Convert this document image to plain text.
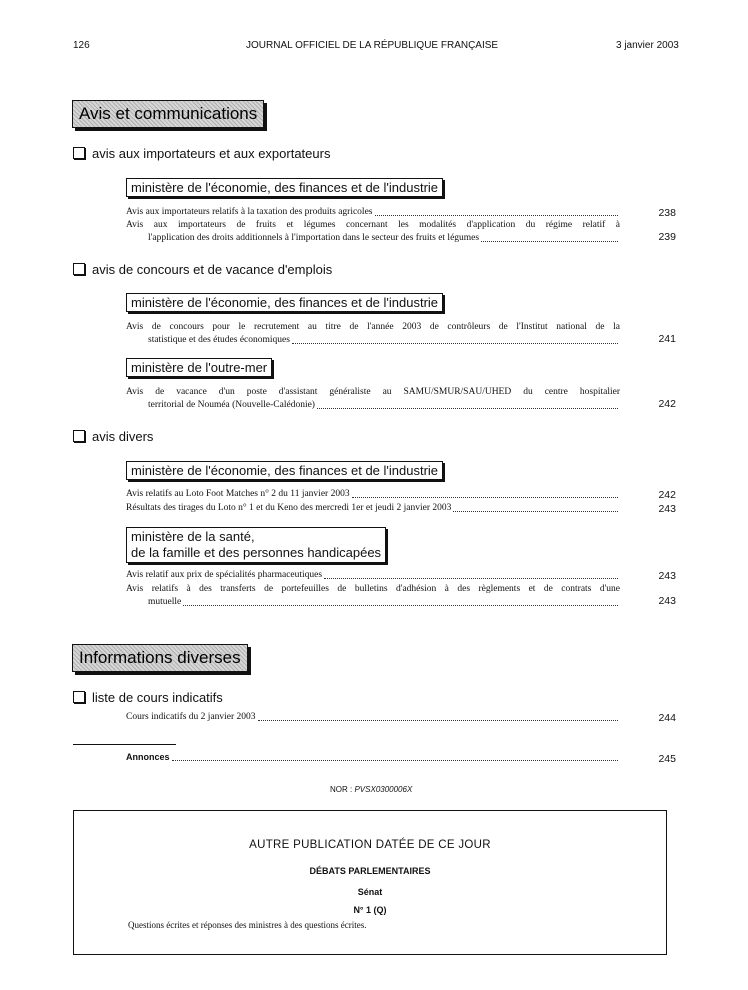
126	JOURNAL OFFICIEL DE LA RÉPUBLIQUE FRANÇAISE	3 janvier 2003
Avis et communications
avis aux importateurs et aux exportateurs
ministère de l'économie, des finances et de l'industrie
Avis aux importateurs relatifs à la taxation des produits agricoles	238
Avis aux importateurs de fruits et légumes concernant les modalités d'application du régime relatif à
l'application des droits additionnels à l'importation dans le secteur des fruits et légumes	239
avis de concours et de vacance d'emplois
ministère de l'économie, des finances et de l'industrie
Avis de concours pour le recrutement au titre de l'année 2003 de contrôleurs de l'Institut national de la
statistique et des études économiques	241
ministère de l'outre-mer
Avis de vacance d'un poste d'assistant généraliste au SAMU/SMUR/SAU/UHED du centre hospitalier
territorial de Nouméa (Nouvelle-Calédonie)	242
avis divers
ministère de l'économie, des finances et de l'industrie
Avis relatifs au Loto Foot Matches n° 2 du 11 janvier 2003	242
Résultats des tirages du Loto n° 1 et du Keno des mercredi 1er et jeudi 2 janvier 2003	243
ministère de la santé,
de la famille et des personnes handicapées
Avis relatif aux prix de spécialités pharmaceutiques	243
Avis relatifs à des transferts de portefeuilles de bulletins d'adhésion à des règlements et de contrats d'une
mutuelle	243
Informations diverses
liste de cours indicatifs
Cours indicatifs du 2 janvier 2003	244
Annonces	245
NOR : PVSX0300006X
AUTRE PUBLICATION DATÉE DE CE JOUR
DÉBATS PARLEMENTAIRES
Sénat
N° 1 (Q)
Questions écrites et réponses des ministres à des questions écrites.
